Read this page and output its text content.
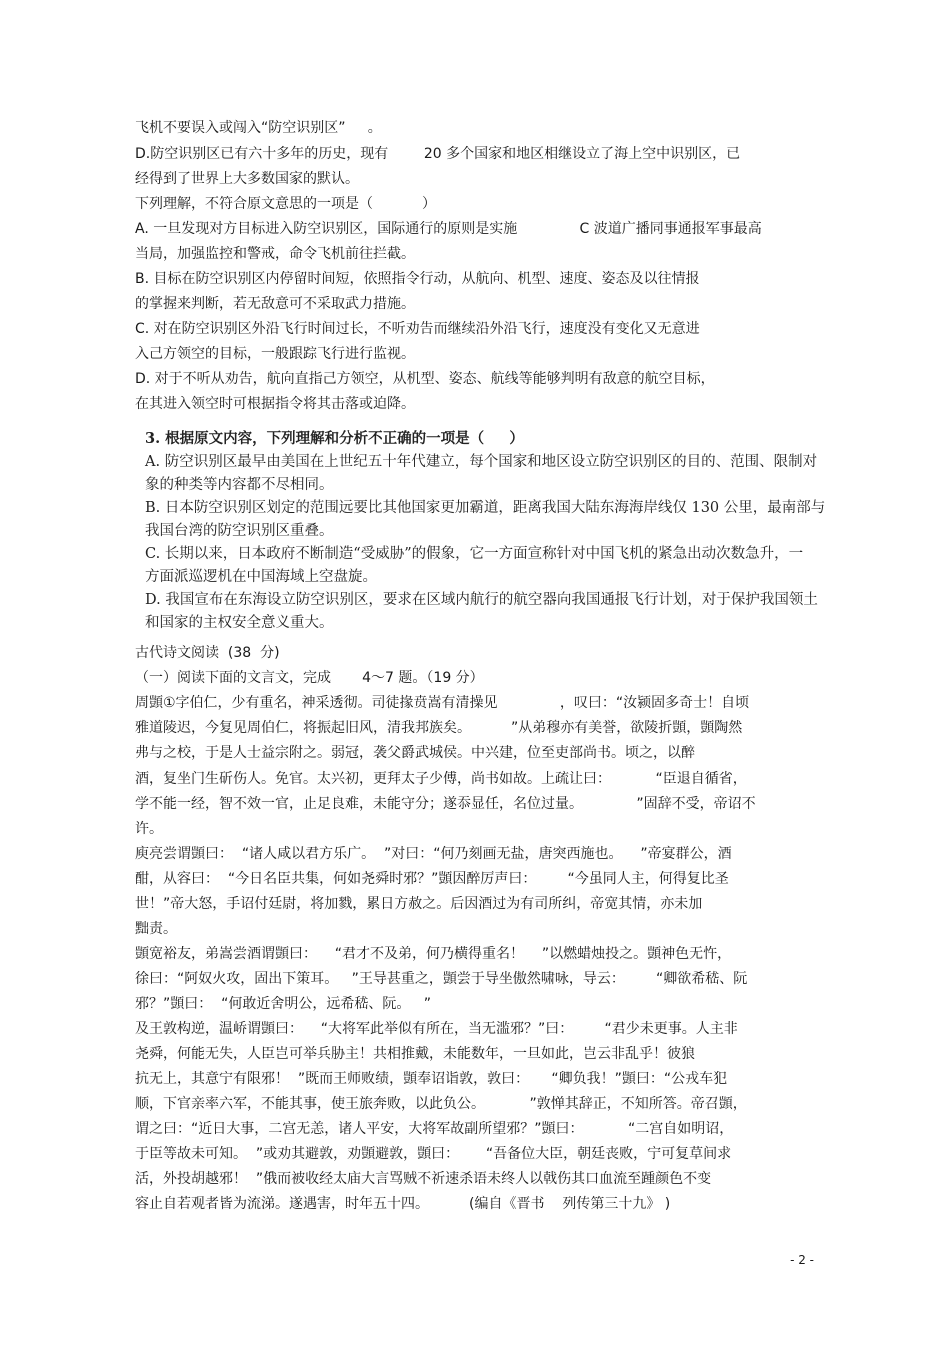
飞机不要误入或闯入“防空识别区”     。
D.防空识别区已有六十多年的历史，现有        20 多个国家和地区相继设立了海上空中识别区，已
经得到了世界上大多数国家的默认。
下列理解，不符合原文意思的一项是（           ）
A. 一旦发现对方目标进入防空识别区，国际通行的原则是实施              C 波道广播同事通报军事最高
当局，加强监控和警戒，命令飞机前往拦截。
B. 目标在防空识别区内停留时间短，依照指令行动，从航向、机型、速度、姿态及以往情报
的掌握来判断，若无敌意可不采取武力措施。
C. 对在防空识别区外沿飞行时间过长，不听劝告而继续沿外沿飞行，速度没有变化又无意进
入己方领空的目标，一般跟踪飞行进行监视。
D. 对于不听从劝告，航向直指己方领空，从机型、姿态、航线等能够判明有敌意的航空目标，
在其进入领空时可根据指令将其击落或迫降。
3. 根据原文内容，下列理解和分析不正确的一项是（     ）
A. 防空识别区最早由美国在上世纪五十年代建立，每个国家和地区设立防空识别区的目的、范围、限制对
象的种类等内容都不尽相同。
B. 日本防空识别区划定的范围远要比其他国家更加霸道，距离我国大陆东海海岸线仅 130 公里，最南部与
我国台湾的防空识别区重叠。
C. 长期以来，日本政府不断制造“受威胁”的假象，它一方面宣称针对中国飞机的紧急出动次数急升，一
方面派巡逻机在中国海域上空盘旋。
D. 我国宣布在东海设立防空识别区，要求在区域内航行的航空器向我国通报飞行计划，对于保护我国领土
和国家的主权安全意义重大。
古代诗文阅读  (38  分)
（一）阅读下面的文言文，完成       4～7 题。（19 分）
周顗①字伯仁，少有重名，神采透彻。司徒掾贲嵩有清操见              ，叹曰：“汝颍固多奇士！自顷
雅道陵迟，今复见周伯仁，将振起旧风，清我邦族矣。         ”从弟穆亦有美誉，欲陵折顗，顗陶然
弗与之校，于是人士益宗附之。弱冠，袭父爵武城侯。中兴建，位至吏部尚书。顷之，以醉
酒，复坐门生斫伤人。免官。太兴初，更拜太子少傅，尚书如故。上疏让曰：          “臣退自循省，
学不能一经，智不效一官，止足良难，未能守分；遂忝显任，名位过量。            ”固辞不受，帝诏不
许。
庾亮尝谓顗曰：  “诸人咸以君方乐广。  ”对曰：“何乃刻画无盐，唐突西施也。    ”帝宴群公，酒
酣，从容曰：  “今日名臣共集，何如尧舜时邪？”顗因醉厉声曰：       “今虽同人主，何得复比圣
世！”帝大怒，手诏付廷尉，将加戮，累日方赦之。后因酒过为有司所纠，帝宽其情，亦未加
黜责。
顗宽裕友，弟嵩尝酒谓顗曰：    “君才不及弟，何乃横得重名！    ”以燃蜡烛投之。顗神色无忤，
徐曰：“阿奴火攻，固出下策耳。   ”王导甚重之，顗尝于导坐傲然啸咏，导云：       “卿欲希嵇、阮
邪？”顗曰：  “何敢近舍明公，远希嵇、阮。   ”
及王敦构逆，温峤谓顗曰：    “大将军此举似有所在，当无滥邪？”曰：       “君少未更事。人主非
尧舜，何能无失，人臣岂可举兵胁主！共相推戴，未能数年，一旦如此，岂云非乱乎！彼狼
抗无上，其意宁有限邪！  ”既而王师败绩，顗奉诏诣敦，敦曰：     “卿负我！”顗曰：“公戎车犯
顺，下官亲率六军，不能其事，使王旅奔败，以此负公。          ”敦惮其辞正，不知所答。帝召顗，
谓之曰：“近日大事，二宫无恙，诸人平安，大将军故副所望邪？”顗曰：          “二宫自如明诏，
于臣等故未可知。  ”或劝其避敦，劝顗避敦，顗曰：      “吾备位大臣，朝廷丧败，宁可复草间求
活，外投胡越邪！  ”俄而被收经太庙大言骂贼不祈速杀语未终人以戟伤其口血流至踵颜色不变
容止自若观者皆为流涕。遂遇害，时年五十四。         (编自《晋书    列传第三十九》 )
- 2 -
